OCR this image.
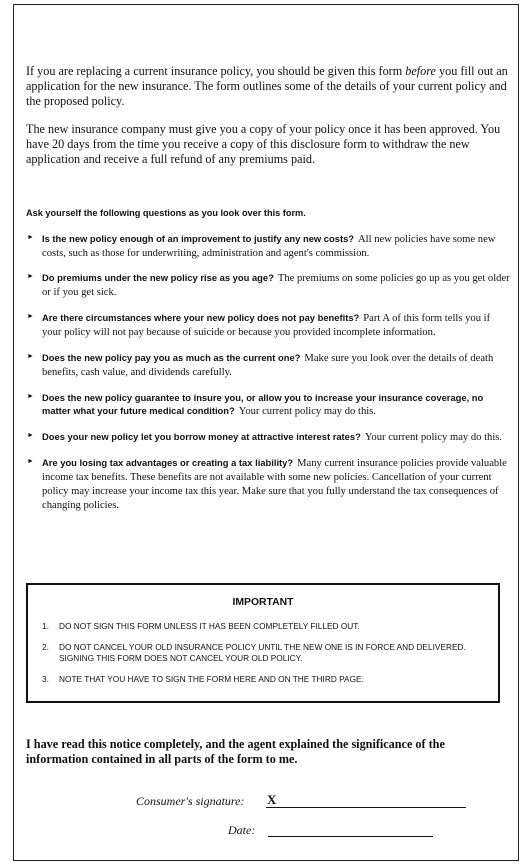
If you are replacing a current insurance policy, you should be given this form before you fill out an application for the new insurance. The form outlines some of the details of your current policy and the proposed policy.

The new insurance company must give you a copy of your policy once it has been approved. You have 20 days from the time you receive a copy of this disclosure form to withdraw the new application and receive a full refund of any premiums paid.

Ask yourself the following questions as you look over this form.

► Is the new policy enough of an improvement to justify any new costs? All new policies have some new costs, such as those for underwriting, administration and agent's commission.

► Do premiums under the new policy rise as you age? The premiums on some policies go up as you get older or if you get sick.

► Are there circumstances where your new policy does not pay benefits? Part A of this form tells you if your policy will not pay because of suicide or because you provided incomplete information.

► Does the new policy pay you as much as the current one? Make sure you look over the details of death benefits, cash value, and dividends carefully.

► Does the new policy guarantee to insure you, or allow you to increase your insurance coverage, no matter what your future medical condition? Your current policy may do this.

► Does your new policy let you borrow money at attractive interest rates? Your current policy may do this.

► Are you losing tax advantages or creating a tax liability? Many current insurance policies provide valuable income tax benefits. These benefits are not available with some new policies. Cancellation of your current policy may increase your income tax this year. Make sure that you fully understand the tax consequences of changing policies.

IMPORTANT
1. DO NOT SIGN THIS FORM UNLESS IT HAS BEEN COMPLETELY FILLED OUT.
2. DO NOT CANCEL YOUR OLD INSURANCE POLICY UNTIL THE NEW ONE IS IN FORCE AND DELIVERED. SIGNING THIS FORM DOES NOT CANCEL YOUR OLD POLICY.
3. NOTE THAT YOU HAVE TO SIGN THE FORM HERE AND ON THE THIRD PAGE.

I have read this notice completely, and the agent explained the significance of the information contained in all parts of the form to me.

Consumer's signature: X
Date:
